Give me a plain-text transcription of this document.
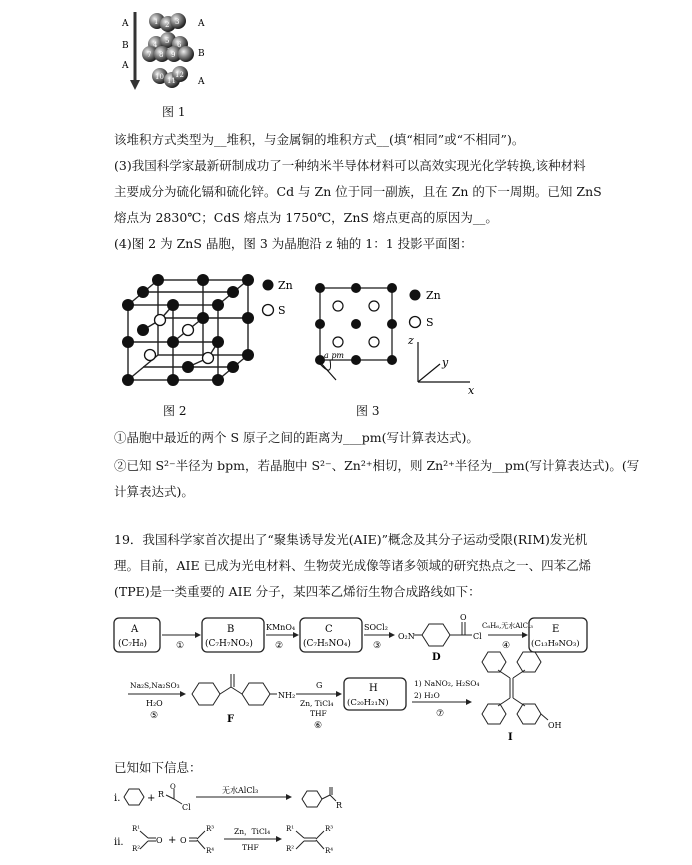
A
B
A
A
B
A
1 2 3
4 5 6
7 8 9
10 11
12
图 1
该堆积方式类型为__堆积，与金属铜的堆积方式__(填“相同”或“不相同”)。
(3)我国科学家最新研制成功了一种纳米半导体材料可以高效实现光化学转换,该种材料
主要成分为硫化镉和硫化锌。Cd 与 Zn 位于同一副族，且在 Zn 的下一周期。已知 ZnS
熔点为 2830℃；CdS 熔点为 1750℃，ZnS 熔点更高的原因为__。
(4)图 2 为 ZnS 晶胞，图 3 为晶胞沿 z 轴的 1：1 投影平面图：
Zn
S
图 2
a pm
Zn
S
z
y
x
图 3
①晶胞中最近的两个 S 原子之间的距离为___pm(写计算表达式)。
②已知 S²⁻半径为 bpm，若晶胞中 S²⁻、Zn²⁺相切，则 Zn²⁺半径为__pm(写计算表达式)。(写
计算表达式)。
19．我国科学家首次提出了“聚集诱导发光(AIE)”概念及其分子运动受限(RIM)发光机
理。目前，AIE 已成为光电材料、生物荧光成像等诸多领域的研究热点之一、四苯乙烯
(TPE)是一类重要的 AIE 分子，某四苯乙烯衍生物合成路线如下：
A
(C₇H₈)	①
B
(C₇H₇NO₂)
KMnO₄
②
C
(C₇H₅NO₄)
SOCl₂
③
O₂N
O
Cl
D
C₆H₆,无水AlCl₃
④
E
(C₁₃H₉NO₃)
Na₂S,Na₂SO₃
H₂O
⑤
NH₂
F
G
Zn, TiCl₄
THF
⑥
H
(C₂₀H₂₁N)
1) NaNO₂, H₂SO₄
2) H₂O
⑦
OH
I
已知如下信息：
i.	+ R
Cl
O	无水AlCl₃
R
ii.
R¹
R²
O + O
R³
R⁴
Zn，TiCl₄
THF
R¹
R²
R³
R⁴
